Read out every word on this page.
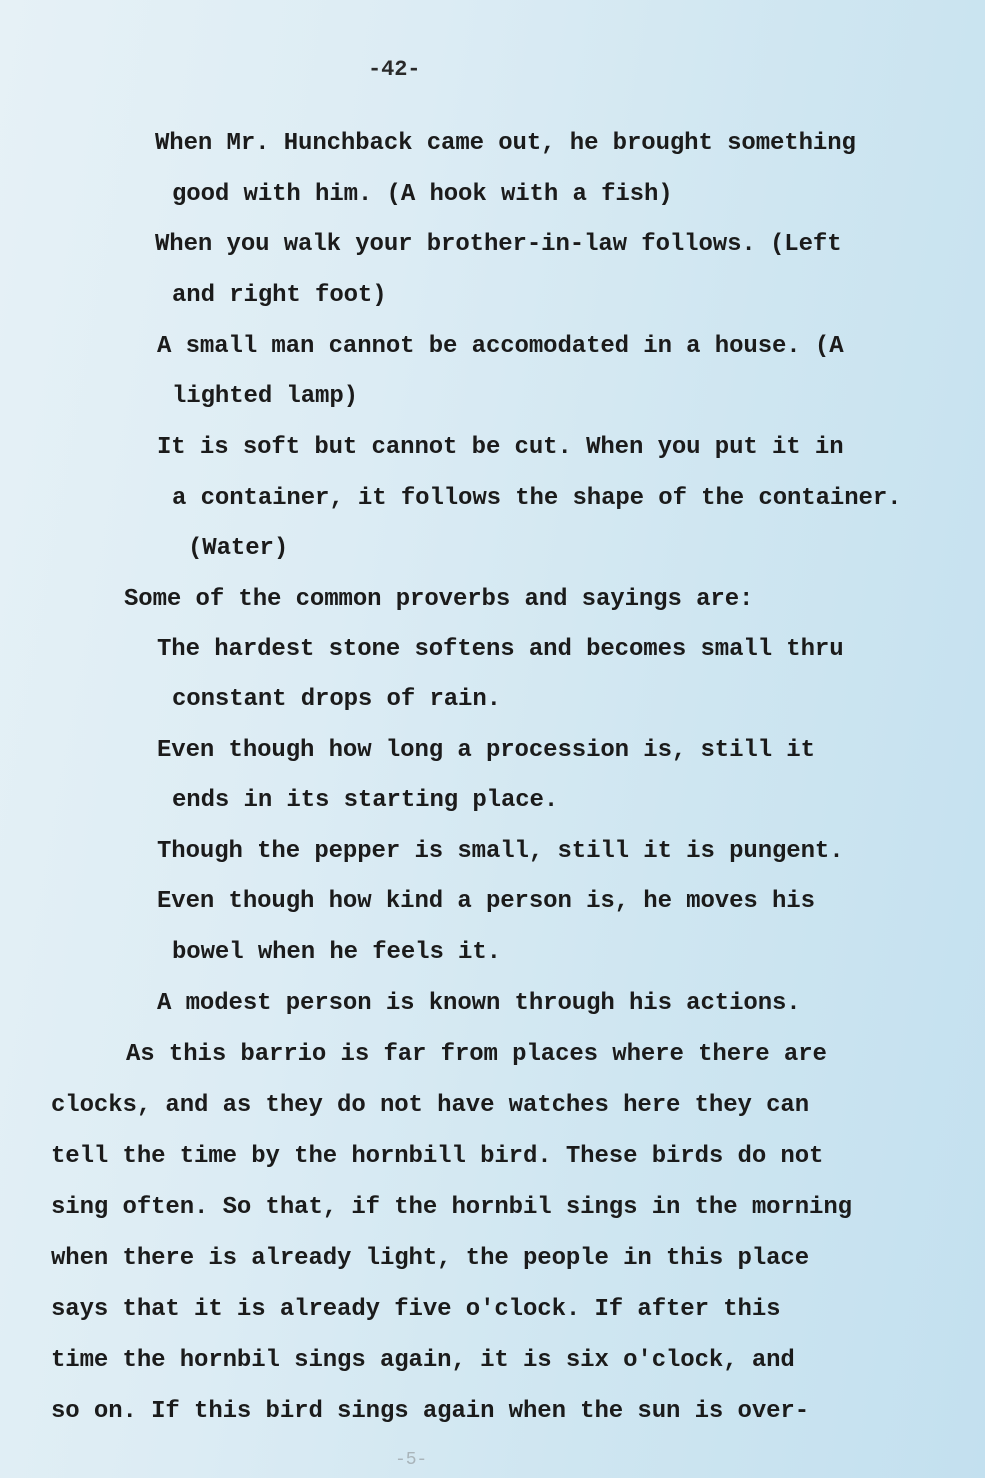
-42-
When Mr. Hunchback came out, he brought something
good with him. (A hook with a fish)
When you walk your brother-in-law follows. (Left
and right foot)
A small man cannot be accomodated in a house. (A
lighted lamp)
It is soft but cannot be cut. When you put it in
a container, it follows the shape of the container.
(Water)
Some of the common proverbs and sayings are:
The hardest stone softens and becomes small thru
constant drops of rain.
Even though how long a procession is, still it
ends in its starting place.
Though the pepper is small, still it is pungent.
Even though how kind a person is, he moves his
bowel when he feels it.
A modest person is known through his actions.
As this barrio is far from places where there are
clocks, and as they do not have watches here they can
tell the time by the hornbill bird. These birds do not
sing often. So that, if the hornbil sings in the morning
when there is already light, the people in this place
says that it is already five o'clock. If after this
time the hornbil sings again, it is six o'clock, and
so on. If this bird sings again when the sun is over-
-5-
